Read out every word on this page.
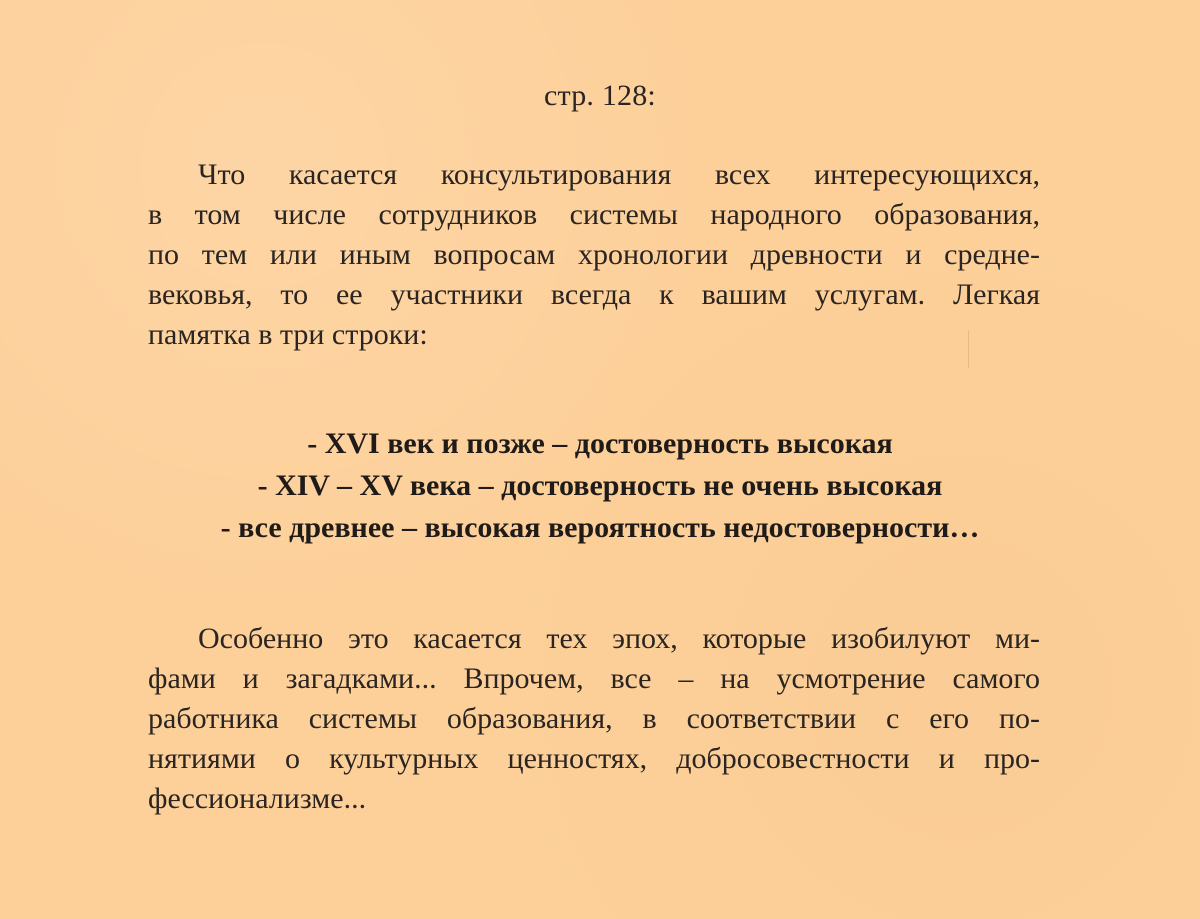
стр. 128:
Что касается консультирования всех интересующихся,
в том числе сотрудников системы народного образования,
по тем или иным вопросам хронологии древности и средне-
вековья, то ее участники всегда к вашим услугам. Легкая
памятка в три строки:
- XVI век и позже – достоверность высокая
- XIV – XV века – достоверность не очень высокая
- все древнее – высокая вероятность недостоверности…
Особенно это касается тех эпох, которые изобилуют ми-
фами и загадками... Впрочем, все – на усмотрение самого
работника системы образования, в соответствии с его по-
нятиями о культурных ценностях, добросовестности и про-
фессионализме...
